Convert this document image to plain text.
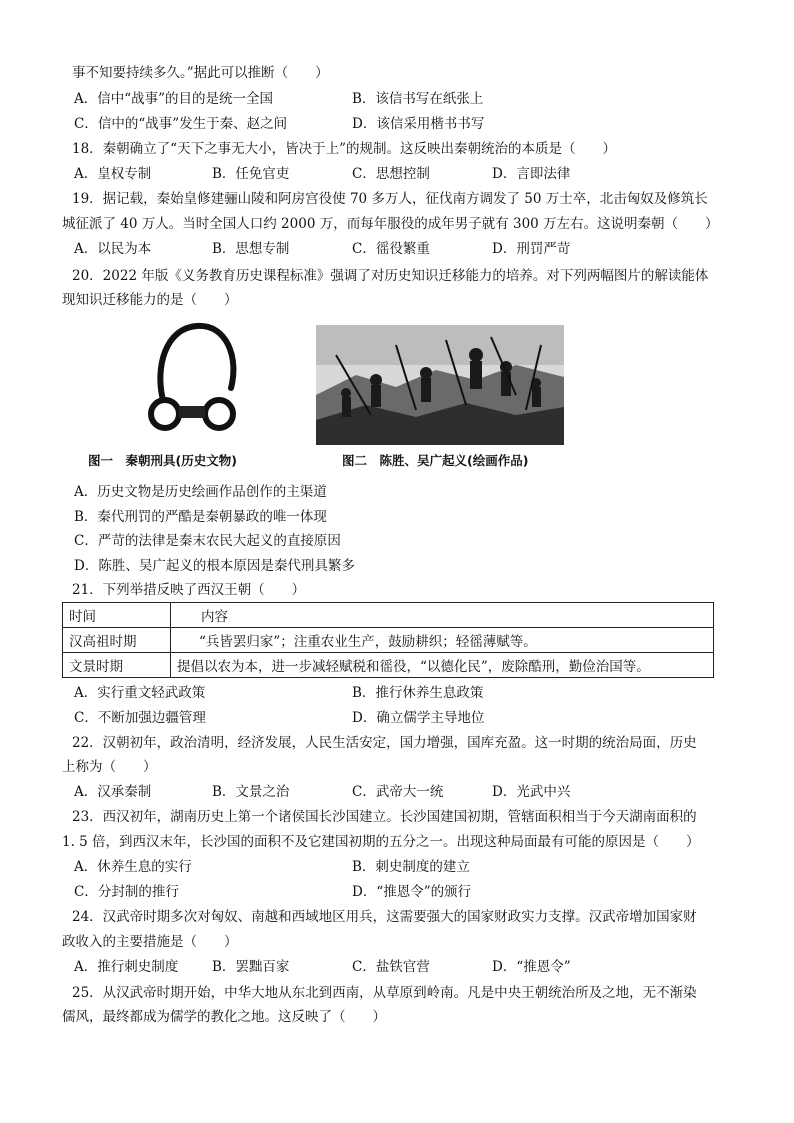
事不知要持续多久。”据此可以推断（　　）
A．信中“战事”的目的是统一全国	B．该信书写在纸张上
C．信中的“战事”发生于秦、赵之间	D．该信采用楷书书写
18．秦朝确立了“天下之事无大小，皆决于上”的规制。这反映出秦朝统治的本质是（　　）
A．皇权专制	B．任免官吏	C．思想控制	D．言即法律
19．据记载，秦始皇修建骊山陵和阿房宫役使 70 多万人，征伐南方调发了 50 万士卒，北击匈奴及修筑长
城征派了 40 万人。当时全国人口约 2000 万，而每年服役的成年男子就有 300 万左右。这说明秦朝（　　）
A．以民为本	B．思想专制	C．徭役繁重	D．刑罚严苛
20．2022 年版《义务教育历史课程标准》强调了对历史知识迁移能力的培养。对下列两幅图片的解读能体
现知识迁移能力的是（　　）
图一　秦朝刑具(历史文物)	图二　陈胜、吴广起义(绘画作品)
A．历史文物是历史绘画作品创作的主渠道
B．秦代刑罚的严酷是秦朝暴政的唯一体现
C．严苛的法律是秦末农民大起义的直接原因
D．陈胜、吴广起义的根本原因是秦代刑具繁多
21．下列举措反映了西汉王朝（　　）
时间	内容
汉高祖时期	“兵皆罢归家”；注重农业生产，鼓励耕织；轻徭薄赋等。
文景时期	提倡以农为本，进一步减轻赋税和徭役，“以德化民”，废除酷刑，勤俭治国等。
A．实行重文轻武政策	B．推行休养生息政策
C．不断加强边疆管理	D．确立儒学主导地位
22．汉朝初年，政治清明，经济发展，人民生活安定，国力增强，国库充盈。这一时期的统治局面，历史
上称为（　　）
A．汉承秦制	B．文景之治	C．武帝大一统	D．光武中兴
23．西汉初年，湖南历史上第一个诸侯国长沙国建立。长沙国建国初期，管辖面积相当于今天湖南面积的
1. 5 倍，到西汉末年，长沙国的面积不及它建国初期的五分之一。出现这种局面最有可能的原因是（　　）
A．休养生息的实行	B．刺史制度的建立
C．分封制的推行	D．“推恩令”的颁行
24．汉武帝时期多次对匈奴、南越和西域地区用兵，这需要强大的国家财政实力支撑。汉武帝增加国家财
政收入的主要措施是（　　）
A．推行刺史制度	B．罢黜百家	C．盐铁官营	D．“推恩令”
25．从汉武帝时期开始，中华大地从东北到西南，从草原到岭南。凡是中央王朝统治所及之地，无不渐染
儒风，最终都成为儒学的教化之地。这反映了（　　）
